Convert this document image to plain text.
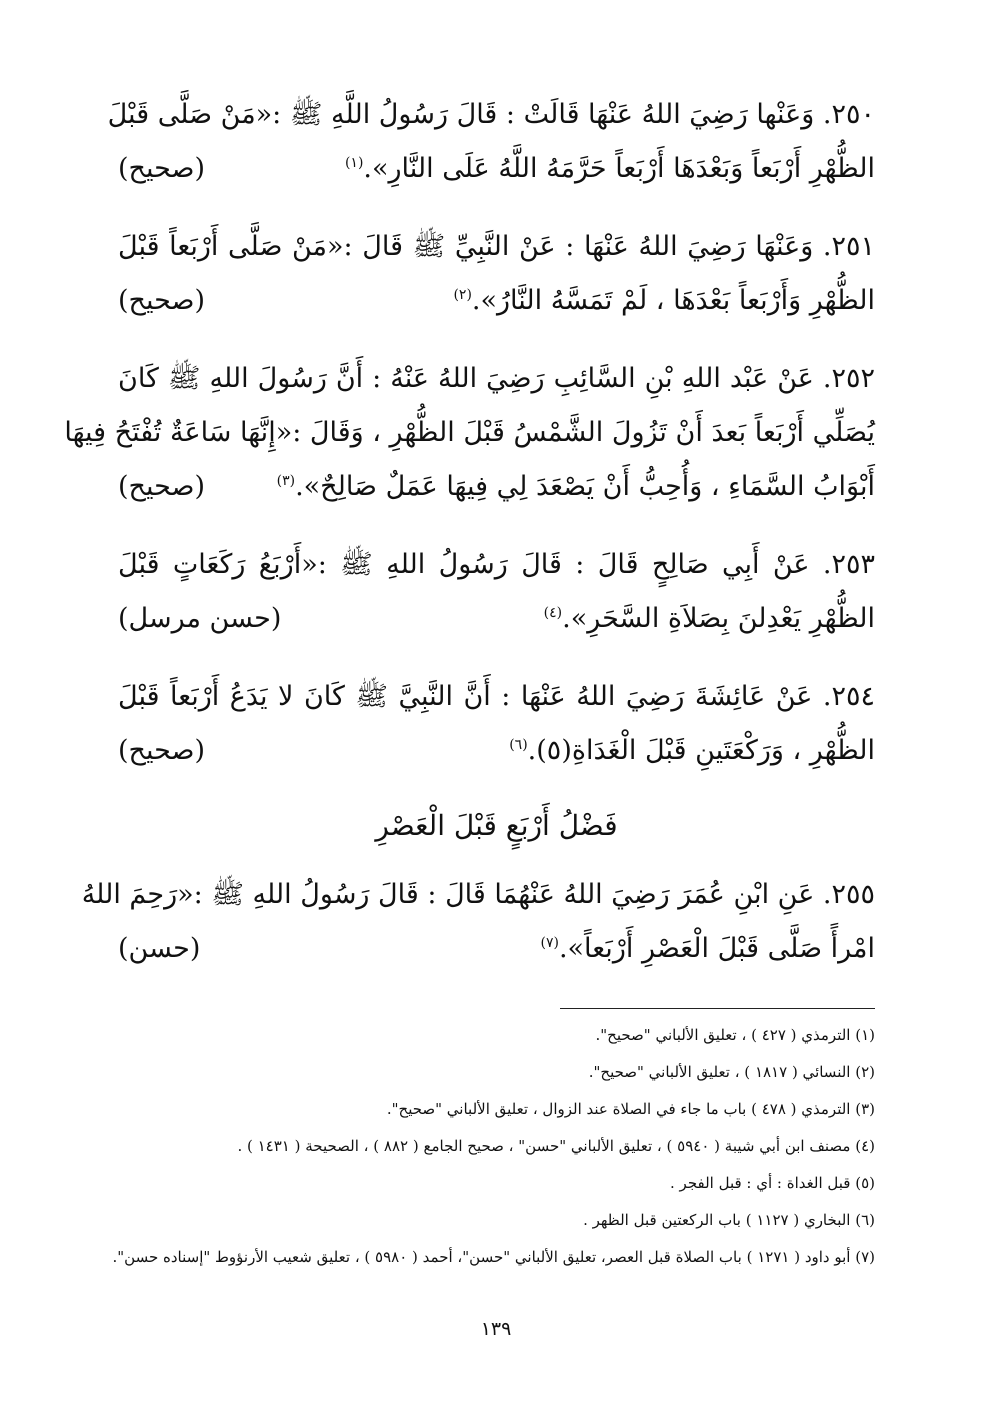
٢٥٠. وَعَنْها رَضِيَ اللهُ عَنْهَا قَالَتْ : قَالَ رَسُولُ اللَّهِ ﷺ :«مَنْ صَلَّى قَبْلَ
الظُّهْرِ أَرْبَعاً وَبَعْدَهَا أَرْبَعاً حَرَّمَهُ اللَّهُ عَلَى النَّارِ».$^{(١)}$
(صحيح)
٢٥١. وَعَنْهَا رَضِيَ اللهُ عَنْهَا : عَنْ النَّبِيِّ ﷺ قَالَ :«مَنْ صَلَّى أَرْبَعاً قَبْلَ
الظُّهْرِ وَأَرْبَعاً بَعْدَهَا ، لَمْ تَمَسَّهُ النَّارُ».$^{(٢)}$
(صحيح)
٢٥٢. عَنْ عَبْد اللهِ بْنِ السَّائِبِ رَضِيَ اللهُ عَنْهُ : أَنَّ رَسُولَ اللهِ ﷺ كَانَ
يُصَلِّي أَرْبَعاً بَعدَ أَنْ تَزُولَ الشَّمْسُ قَبْلَ الظُّهْرِ ، وَقَالَ :«إِنَّهَا سَاعَةٌ تُفْتَحُ فِيهَا
أَبْوَابُ السَّمَاءِ ، وَأُحِبُّ أَنْ يَصْعَدَ لِي فِيهَا عَمَلٌ صَالِحٌ».$^{(٣)}$
(صحيح)
٢٥٣. عَنْ أَبِي صَالِحٍ قَالَ : قَالَ رَسُولُ اللهِ ﷺ :«أَرْبَعُ رَكَعَاتٍ قَبْلَ
الظُّهْرِ يَعْدِلنَ بِصَلاَةِ السَّحَرِ».$^{(٤)}$
(حسن مرسل)
٢٥٤. عَنْ عَائِشَةَ رَضِيَ اللهُ عَنْهَا : أَنَّ النَّبِيَّ ﷺ كَانَ لا يَدَعُ أَرْبَعاً قَبْلَ
الظُّهْرِ ، وَرَكْعَتَينِ قَبْلَ الْغَدَاةِ(٥).$^{(٦)}$
(صحيح)
فَضْلُ أَرْبَعٍ قَبْلَ الْعَصْرِ
٢٥٥. عَنِ ابْنِ عُمَرَ رَضِيَ اللهُ عَنْهُمَا قَالَ : قَالَ رَسُولُ اللهِ ﷺ :«رَحِمَ اللهُ
امْرأً صَلَّى قَبْلَ الْعَصْرِ أَرْبَعاً».$^{(٧)}$
(حسن)
(١) الترمذي ( ٤٢٧ ) ، تعليق الألباني "صحيح".
(٢) النسائي ( ١٨١٧ ) ، تعليق الألباني "صحيح".
(٣) الترمذي ( ٤٧٨ ) باب ما جاء في الصلاة عند الزوال ، تعليق الألباني "صحيح".
(٤) مصنف ابن أبي شيبة ( ٥٩٤٠ ) ، تعليق الألباني "حسن" ، صحيح الجامع ( ٨٨٢ ) ، الصحيحة ( ١٤٣١ ) .
(٥) قبل الغداة : أي : قبل الفجر .
(٦) البخاري ( ١١٢٧ ) باب الركعتين قبل الظهر .
(٧) أبو داود ( ١٢٧١ ) باب الصلاة قبل العصر، تعليق الألباني "حسن"، أحمد ( ٥٩٨٠ ) ، تعليق شعيب الأرنؤوط "إسناده حسن".
١٣٩
